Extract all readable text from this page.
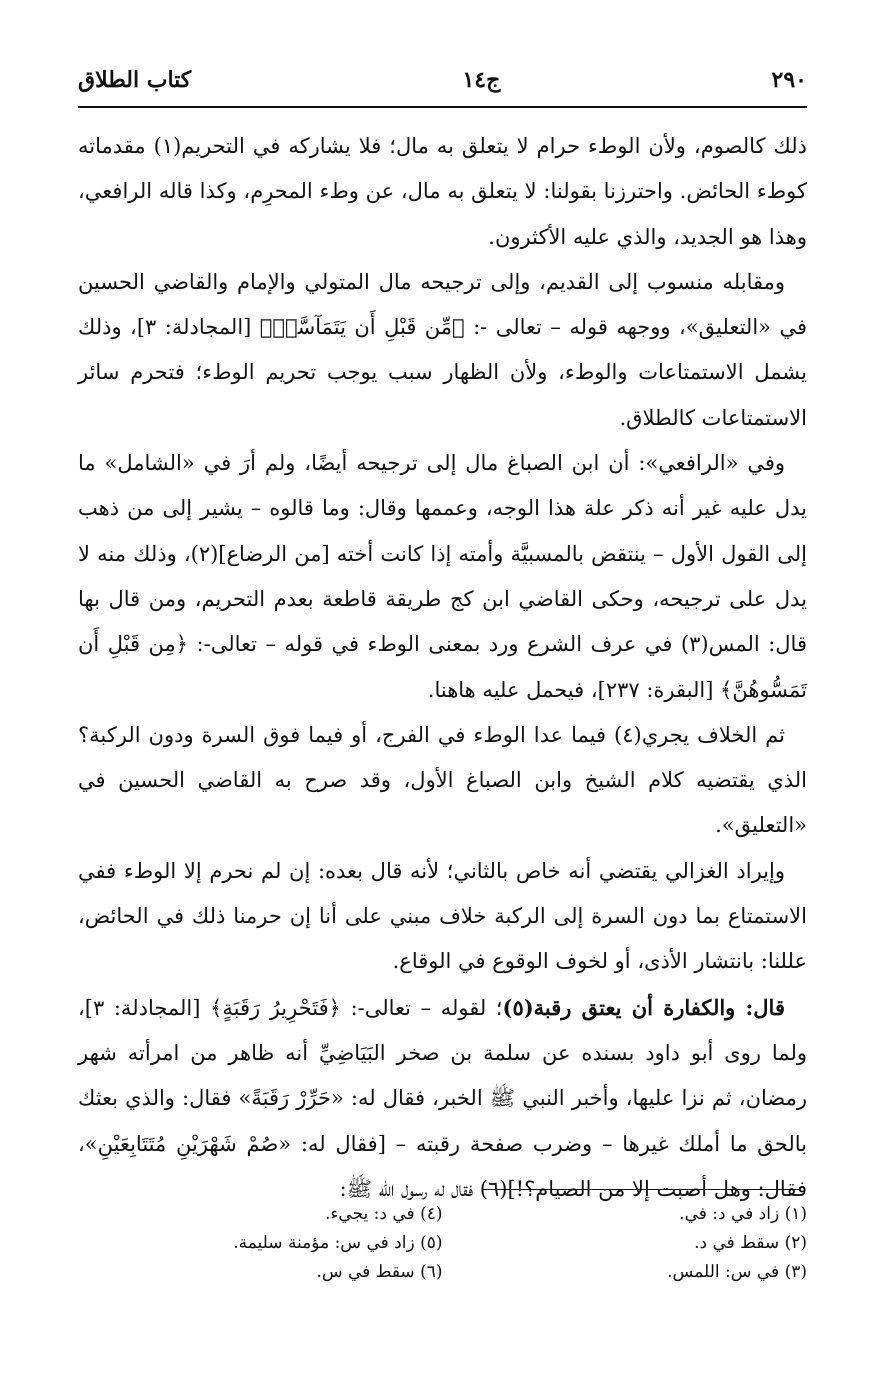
٢٩٠
ج١٤
كتاب الطلاق

ذلك كالصوم، ولأن الوطء حرام لا يتعلق به مال؛ فلا يشاركه في التحريم(١) مقدماته كوطء الحائض. واحترزنا بقولنا: لا يتعلق به مال، عن وطء المحرِم، وكذا قاله الرافعي، وهذا هو الجديد، والذي عليه الأكثرون.

ومقابله منسوب إلى القديم، وإلى ترجيحه مال المتولي والإمام والقاضي الحسين في «التعليق»، ووجهه قوله – تعالى -: ﴿مِّن قَبْلِ أَن يَتَمَآسَّاۚ﴾ [المجادلة: ٣]، وذلك يشمل الاستمتاعات والوطء، ولأن الظهار سبب يوجب تحريم الوطء؛ فتحرم سائر الاستمتاعات كالطلاق.

وفي «الرافعي»: أن ابن الصباغ مال إلى ترجيحه أيضًا، ولم أرَ في «الشامل» ما يدل عليه غير أنه ذكر علة هذا الوجه، وعممها وقال: وما قالوه – يشير إلى من ذهب إلى القول الأول – ينتقض بالمسبيَّة وأمته إذا كانت أخته [من الرضاع](٢)، وذلك منه لا يدل على ترجيحه، وحكى القاضي ابن كج طريقة قاطعة بعدم التحريم، ومن قال بها قال: المس(٣) في عرف الشرع ورد بمعنى الوطء في قوله – تعالى-: ﴿مِن قَبْلِ أَن تَمَسُّوهُنَّ﴾ [البقرة: ٢٣٧]، فيحمل عليه هاهنا.

ثم الخلاف يجري(٤) فيما عدا الوطء في الفرج، أو فيما فوق السرة ودون الركبة؟الذي يقتضيه كلام الشيخ وابن الصباغ الأول، وقد صرح به القاضي الحسين في «التعليق».

وإيراد الغزالي يقتضي أنه خاص بالثاني؛ لأنه قال بعده: إن لم نحرم إلا الوطء ففي الاستمتاع بما دون السرة إلى الركبة خلاف مبني على أنا إن حرمنا ذلك في الحائض، عللنا: بانتشار الأذى، أو لخوف الوقوع في الوقاع.

قال: والكفارة أن يعتق رقبة(٥)؛ لقوله – تعالى-: ﴿فَتَحْرِيرُ رَقَبَةٍ﴾ [المجادلة: ٣]، ولما روى أبو داود بسنده عن سلمة بن صخر البَيَاضِيِّ أنه ظاهر من امرأته شهر رمضان، ثم نزا عليها، وأخبر النبي ﷺ الخبر، فقال له: «حَرِّرْ رَقَبَةً» فقال: والذي بعثك بالحق ما أملك غيرها – وضرب صفحة رقبته – [فقال له: «صُمْ شَهْرَيْنِ مُتَتَابِعَيْنِ»، فقال: وهل أصبت إلا من الصيام؟!](٦) فقال له رسول الله ﷺ:

(١) زاد في د: في.
(٢) سقط في د.
(٣) في س: اللمس.
(٤) في د: يجيء.
(٥) زاد في س: مؤمنة سليمة.
(٦) سقط في س.
